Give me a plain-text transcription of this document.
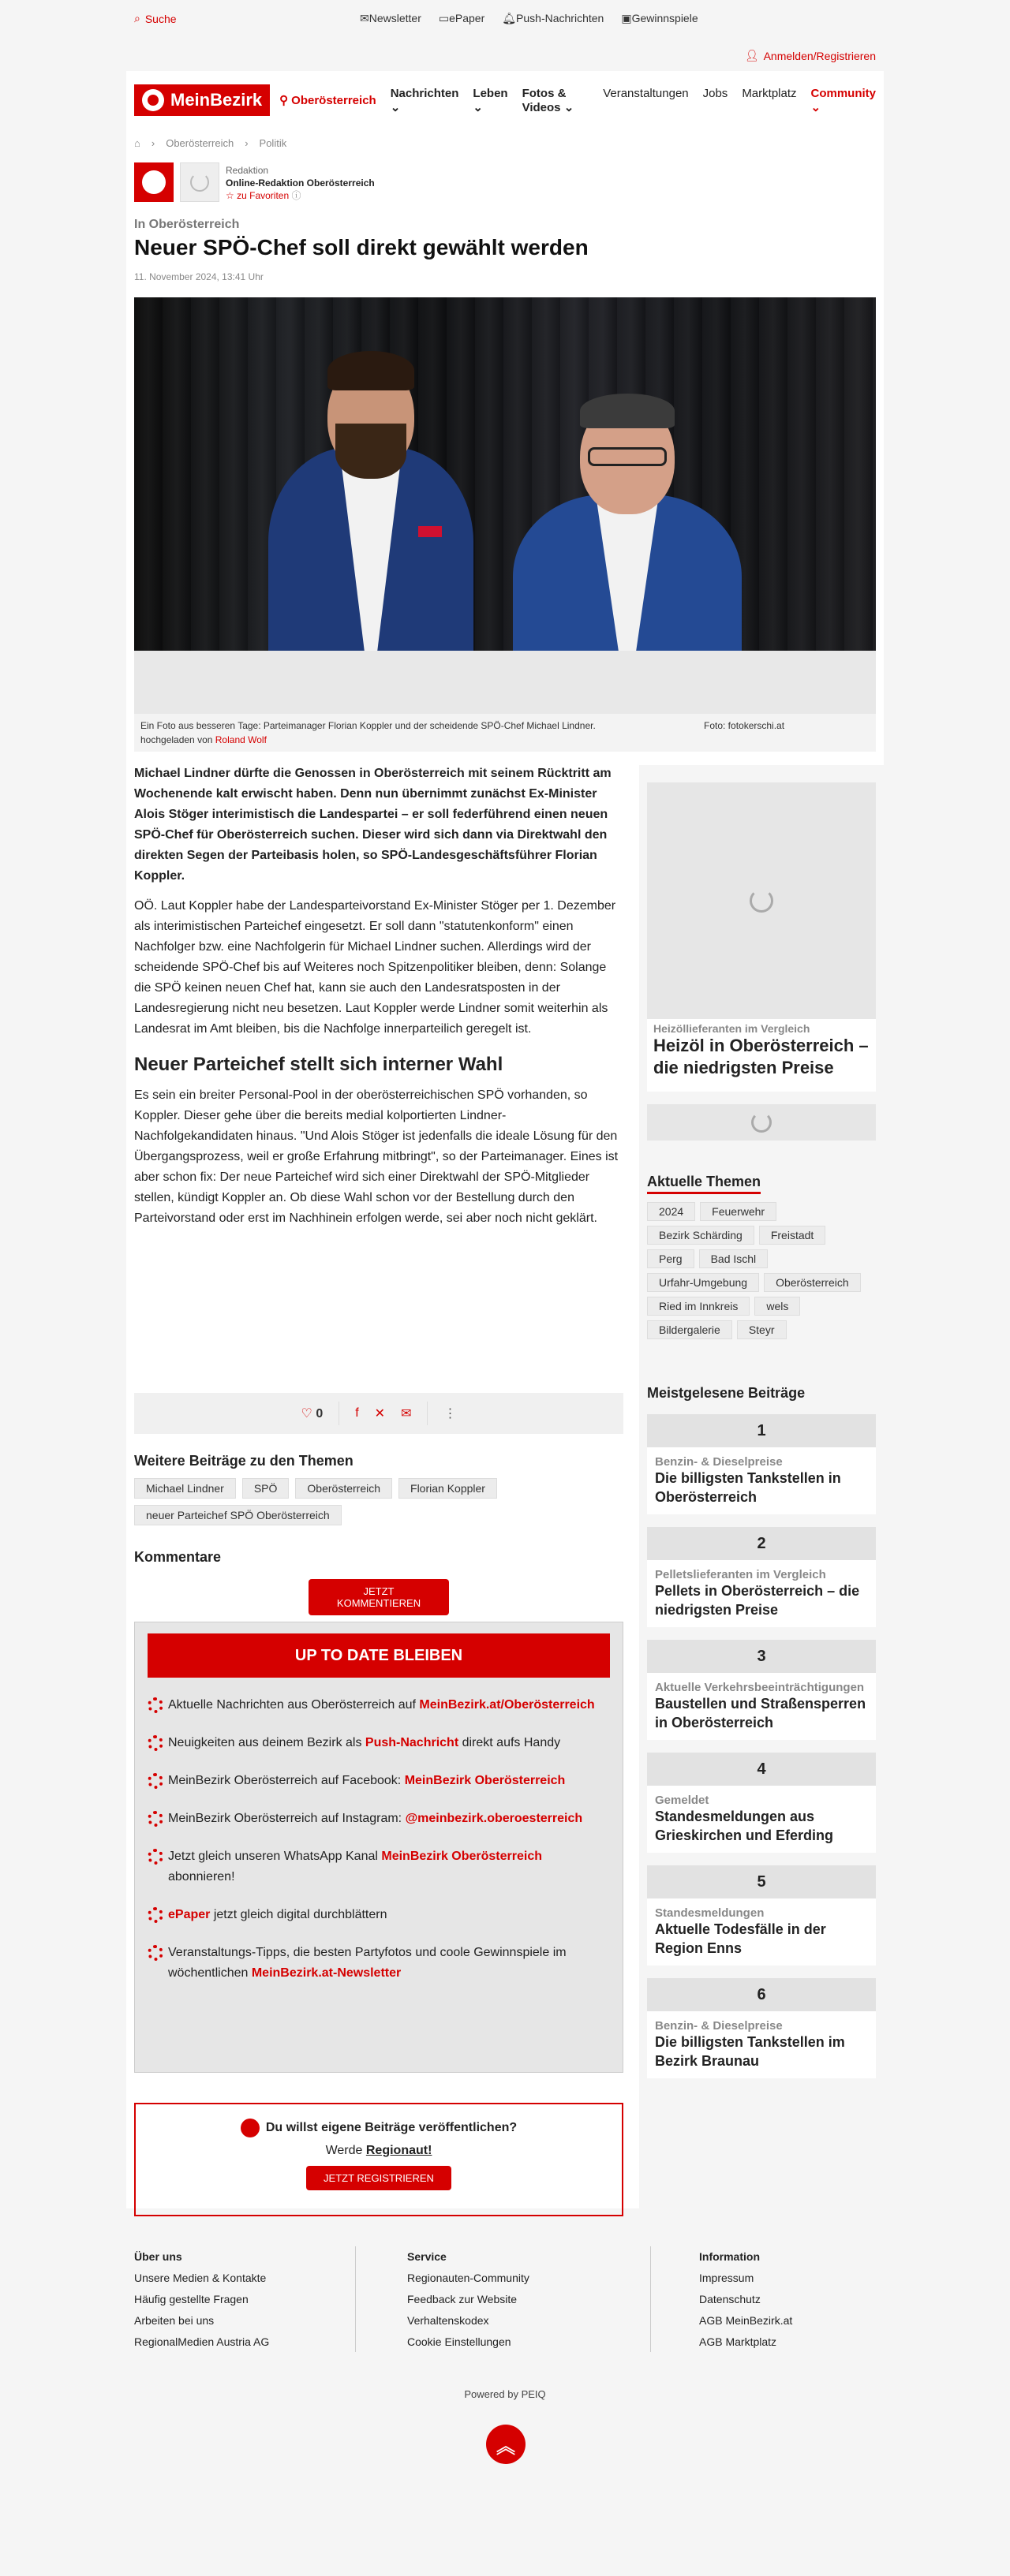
⌕ Suche	✉Newsletter ▭ePaper 🔔︎Push-Nachrichten ▣Gewinnspiele
👤︎ Anmelden/Registrieren
MeinBezirk ⚲ Oberösterreich
Nachrichten ⌄
Leben ⌄
Fotos & Videos ⌄
Veranstaltungen Jobs Marktplatz Community ⌄
⌂ › Oberösterreich › Politik
Redaktion
Online-Redaktion Oberösterreich
☆ zu Favoriten ⓘ
In Oberösterreich
Neuer SPÖ-Chef soll direkt gewählt werden
11. November 2024, 13:41 Uhr
Ein Foto aus besseren Tage: Parteimanager Florian Koppler und der scheidende SPÖ-Chef Michael Lindner.	Foto: fotokerschi.at
hochgeladen von Roland Wolf

Michael Lindner dürfte die Genossen in Oberösterreich mit seinem Rücktritt am Wochenende kalt erwischt haben. Denn nun übernimmt zunächst Ex-Minister Alois Stöger interimistisch die Landespartei – er soll federführend einen neuen SPÖ-Chef für Oberösterreich suchen. Dieser wird sich dann via Direktwahl den direkten Segen der Parteibasis holen, so SPÖ-Landesgeschäftsführer Florian Koppler.

OÖ. Laut Koppler habe der Landesparteivorstand Ex-Minister Stöger per 1. Dezember als interimistischen Parteichef eingesetzt. Er soll dann "statutenkonform" einen Nachfolger bzw. eine Nachfolgerin für Michael Lindner suchen. Allerdings wird der scheidende SPÖ-Chef bis auf Weiteres noch Spitzenpolitiker bleiben, denn: Solange die SPÖ keinen neuen Chef hat, kann sie auch den Landesratsposten in der Landesregierung nicht neu besetzen. Laut Koppler werde Lindner somit weiterhin als Landesrat im Amt bleiben, bis die Nachfolge innerparteilich geregelt ist.

Neuer Parteichef stellt sich interner Wahl

Es sein ein breiter Personal-Pool in der oberösterreichischen SPÖ vorhanden, so Koppler. Dieser gehe über die bereits medial kolportierten Lindner-Nachfolgekandidaten hinaus. "Und Alois Stöger ist jedenfalls die ideale Lösung für den Übergangsprozess, weil er große Erfahrung mitbringt", so der Parteimanager. Eines ist aber schon fix: Der neue Parteichef wird sich einer Direktwahl der SPÖ-Mitglieder stellen, kündigt Koppler an. Ob diese Wahl schon vor der Bestellung durch den Parteivorstand oder erst im Nachhinein erfolgen werde, sei aber noch nicht geklärt.

♡ 0	f ✕ ✉	⋮
Weitere Beiträge zu den Themen
Michael Lindner	SPÖ	Oberösterreich	Florian Koppler
neuer Parteichef SPÖ Oberösterreich
Kommentare
JETZT KOMMENTIEREN
UP TO DATE BLEIBEN
Aktuelle Nachrichten aus Oberösterreich auf MeinBezirk.at/Oberösterreich
Neuigkeiten aus deinem Bezirk als Push-Nachricht direkt aufs Handy
MeinBezirk Oberösterreich auf Facebook: MeinBezirk Oberösterreich
MeinBezirk Oberösterreich auf Instagram: @meinbezirk.oberoesterreich
Jetzt gleich unseren WhatsApp Kanal MeinBezirk Oberösterreich abonnieren!
ePaper jetzt gleich digital durchblättern
Veranstaltungs-Tipps, die besten Partyfotos und coole Gewinnspiele im wöchentlichen MeinBezirk.at-Newsletter
Du willst eigene Beiträge veröffentlichen?
Werde Regionaut!
JETZT REGISTRIEREN
Heizöllieferanten im Vergleich
Heizöl in Oberösterreich – die niedrigsten Preise
Aktuelle Themen
2024	Feuerwehr
Bezirk Schärding	Freistadt
Perg	Bad Ischl
Urfahr-Umgebung	Oberösterreich
Ried im Innkreis	wels
Bildergalerie	Steyr
Meistgelesene Beiträge
1
Benzin- & Dieselpreise
Die billigsten Tankstellen in Oberösterreich
2
Pelletslieferanten im Vergleich
Pellets in Oberösterreich – die niedrigsten Preise
3
Aktuelle Verkehrsbeeinträchtigungen
Baustellen und Straßensperren in Oberösterreich
4
Gemeldet
Standesmeldungen aus Grieskirchen und Eferding
5
Standesmeldungen
Aktuelle Todesfälle in der Region Enns
6
Benzin- & Dieselpreise
Die billigsten Tankstellen im Bezirk Braunau
Über uns
Unsere Medien & Kontakte
Häufig gestellte Fragen
Arbeiten bei uns
RegionalMedien Austria AG
Service
Regionauten-Community
Feedback zur Website
Verhaltenskodex
Cookie Einstellungen
Information
Impressum
Datenschutz
AGB MeinBezirk.at
AGB Marktplatz
Powered by PEIQ
︽
